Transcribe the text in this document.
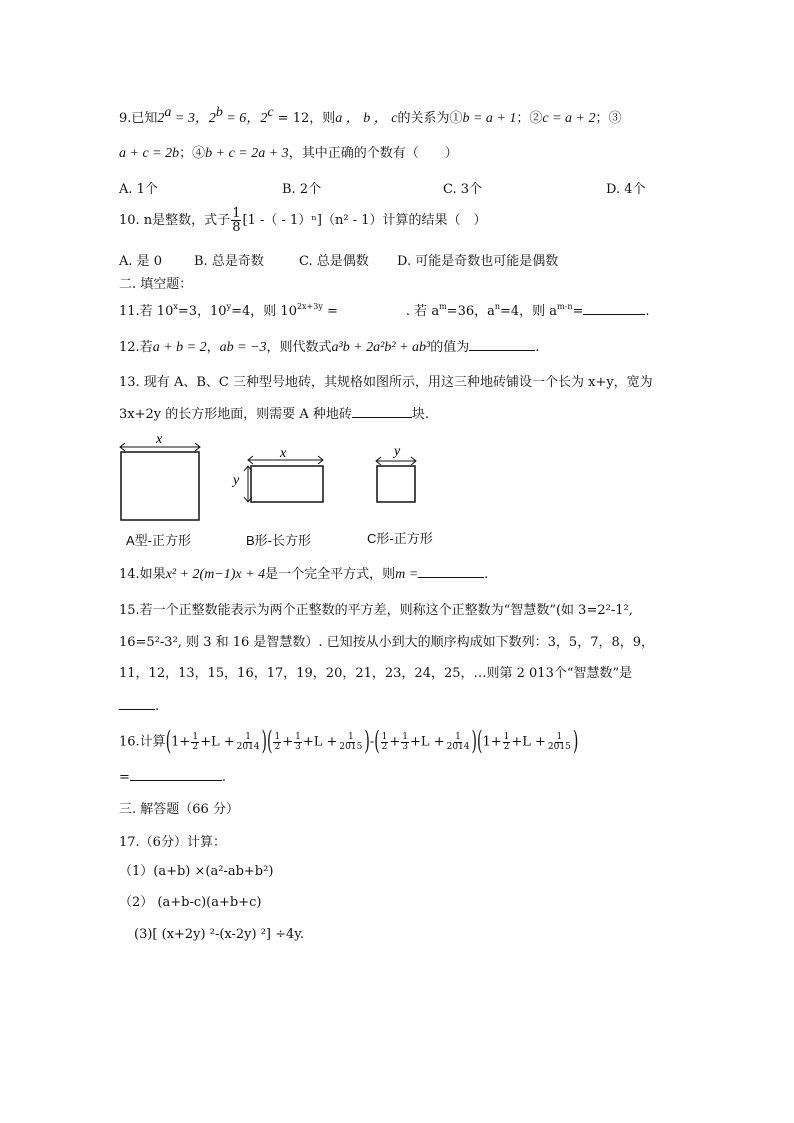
9.已知$2^a = 3$，$2^b = 6$，$2^c = 12$，则a ， b ， c的关系为①b = a + 1；②c = a + 2；③
a + c = 2b；④b + c = 2a + 3，其中正确的个数有（　　）
A. 1个	B. 2个	C. 3个	D. 4个
10. n是整数，式子 $\frac{1}{8} [1$ -（ - 1）ⁿ]（n² - 1）计算的结果（　）
A. 是 0 B. 总是奇数	C. 总是偶数 D. 可能是奇数也可能是偶数
二. 填空题：
11.若 $10^x=3$，$10^y=4$，则 $10^{2x+3y}$ =	. 若 $a^m=36$，$a^n=4$，则 $a^{m-n}=$	.
12.若a + b = 2，ab = −3，则代数式a³b + 2a²b² + ab³的值为	.
13. 现有 A、B、C 三种型号地砖，其规格如图所示，用这三种地砖铺设一个长为 x+y，宽为
3x+2y 的长方形地面，则需要 A 种地砖	块.
x
x
y
y
A型-正方形	B形-长方形	C形-正方形
14.如果x² + 2(m−1)x + 4是一个完全平方式，则m =	.
15.若一个正整数能表示为两个正整数的平方差，则称这个正整数为“智慧数”(如 3=2²-1²,
16=5²-3², 则 3 和 16 是智慧数）. 已知按从小到大的顺序构成如下数列：3，5，7，8，9，
11，12，13，15，16，17，19，20，21，23，24，25，…则第 2 013个“智慧数”是
.
16.计算($1+ \frac{1}{2} +L + \frac{1}{2014}$ )( $\frac{1}{2} + \frac{1}{3} +L + \frac{1}{2015}$ )-( $\frac{1}{2} + \frac{1}{3} +L + \frac{1}{2014} )(1+ \frac{1}{2} +L + \frac{1}{2015}$ )
=	.
三. 解答题（66 分）
17.（6分）计算：
（1）(a+b) ×(a²-ab+b²)
（2） (a+b-c)(a+b+c)
(3)[ (x+2y) ²-(x-2y) ²] ÷4y.
